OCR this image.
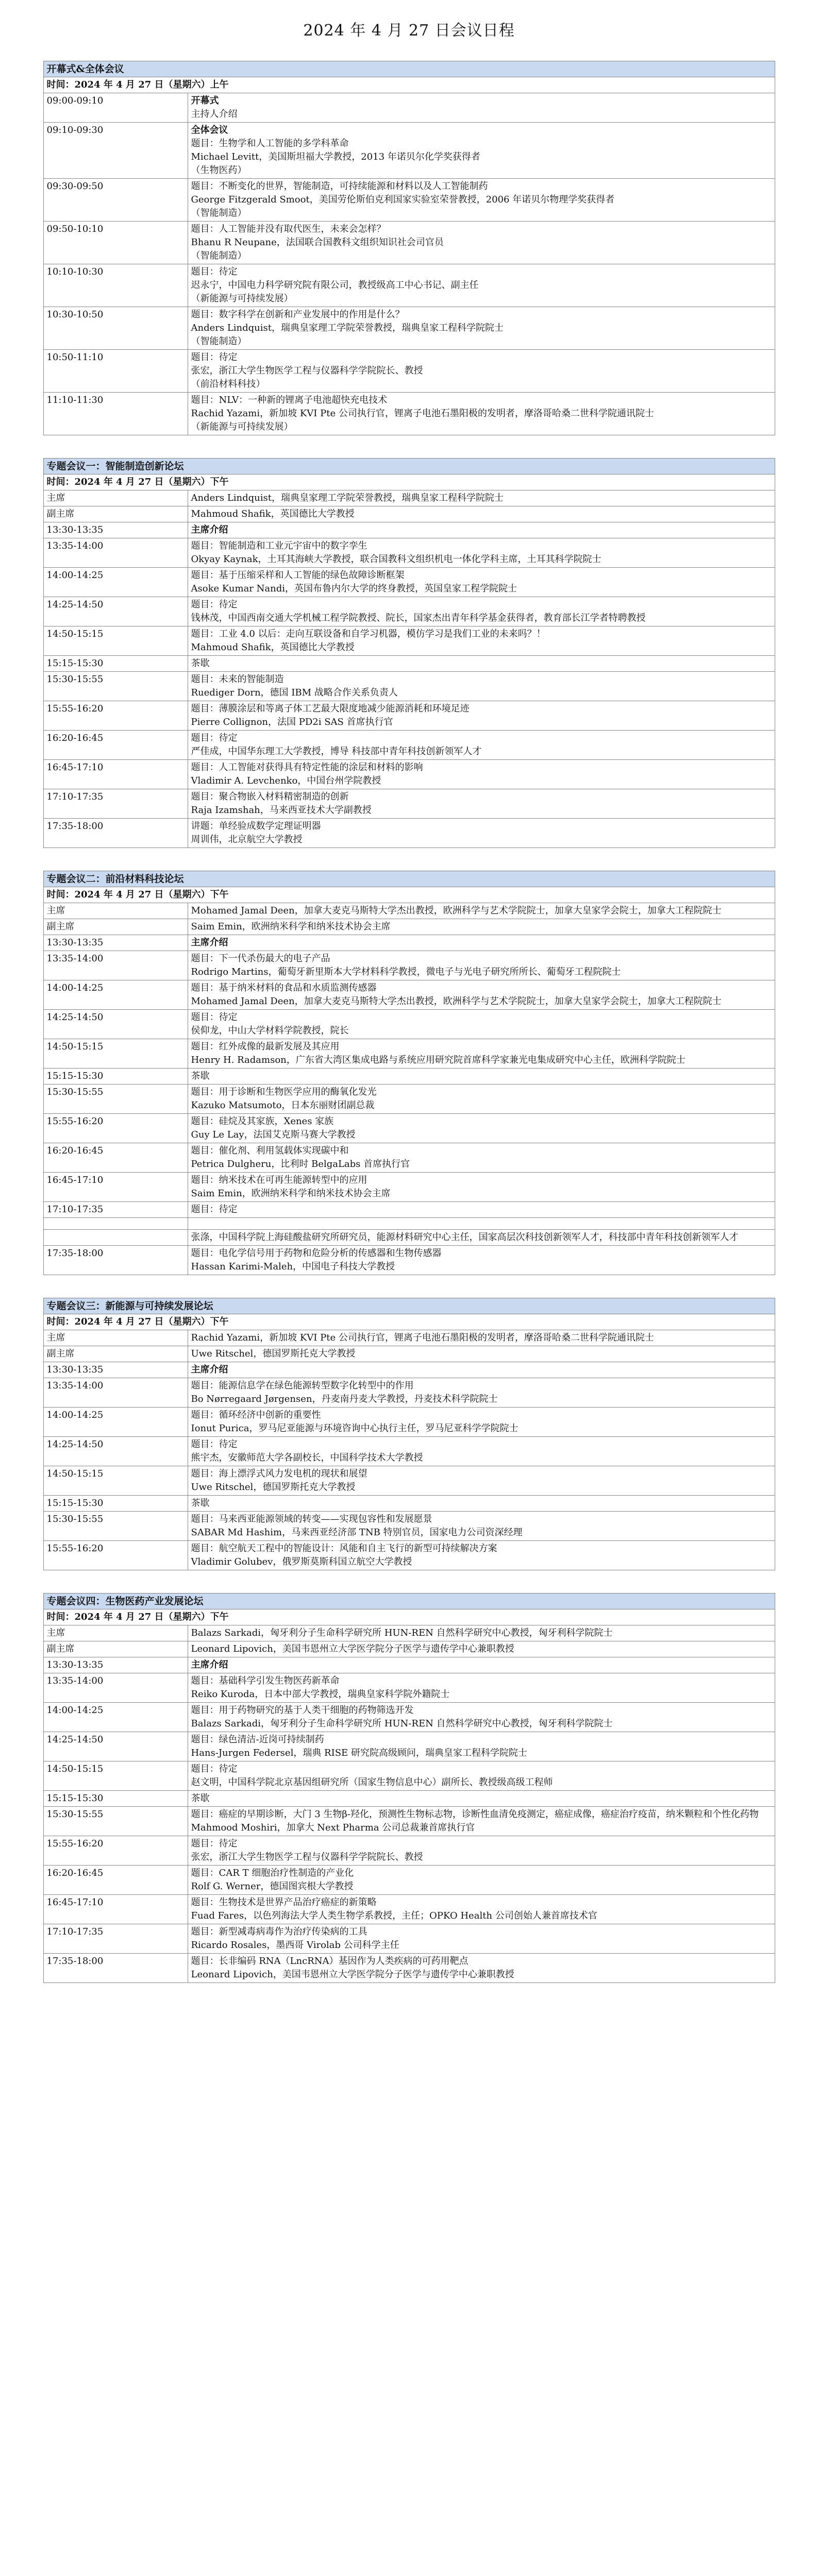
2024 年 4 月 27 日会议日程
开幕式&全体会议	
时间：2024 年 4 月 27 日（星期六）上午	
09:00-09:10	开幕式
主持人介绍

09:10-09:30	全体会议
题目：生物学和人工智能的多学科革命
Michael Levitt，美国斯坦福大学教授，2013 年诺贝尔化学奖获得者
（生物医药）

09:30-09:50	题目：不断变化的世界，智能制造，可持续能源和材料以及人工智能制药
George Fitzgerald Smoot，美国劳伦斯伯克利国家实验室荣誉教授，2006 年诺贝尔物理学奖获得者
（智能制造）

09:50-10:10	题目：人工智能并没有取代医生，未来会怎样？
Bhanu R Neupane，法国联合国教科文组织知识社会司官员
（智能制造）

10:10-10:30	题目：待定
迟永宁，中国电力科学研究院有限公司，教授级高工中心书记、副主任
（新能源与可持续发展）

10:30-10:50	题目：数字科学在创新和产业发展中的作用是什么？
Anders Lindquist，瑞典皇家理工学院荣誉教授，瑞典皇家工程科学院院士
（智能制造）

10:50-11:10	题目：待定
张宏，浙江大学生物医学工程与仪器科学学院院长、教授
（前沿材料科技）

11:10-11:30	题目：NLV：一种新的锂离子电池超快充电技术
Rachid Yazami，新加坡 KVI Pte 公司执行官，锂离子电池石墨阳极的发明者，摩洛哥哈桑二世科学院通讯院士
（新能源与可持续发展）
专题会议一：智能制造创新论坛	
时间：2024 年 4 月 27 日（星期六）下午	
主席	Anders Lindquist，瑞典皇家理工学院荣誉教授，瑞典皇家工程科学院院士

副主席	Mahmoud Shafik，英国德比大学教授

13:30-13:35	主席介绍

13:35-14:00	题目：智能制造和工业元宇宙中的数字孪生
Okyay Kaynak，土耳其海峡大学教授，联合国教科文组织机电一体化学科主席，土耳其科学院院士

14:00-14:25	题目：基于压缩采样和人工智能的绿色故障诊断框架
Asoke Kumar Nandi，英国布鲁内尔大学的终身教授，英国皇家工程学院院士

14:25-14:50	题目：待定
钱林茂，中国西南交通大学机械工程学院教授、院长，国家杰出青年科学基金获得者，教育部长江学者特聘教授

14:50-15:15	题目：工业 4.0 以后：走向互联设备和自学习机器，模仿学习是我们工业的未来吗？！
Mahmoud Shafik，英国德比大学教授

15:15-15:30	茶歇

15:30-15:55	题目：未来的智能制造
Ruediger Dorn，德国 IBM 战略合作关系负责人

15:55-16:20	题目：薄膜涂层和等离子体工艺最大限度地减少能源消耗和环境足迹
Pierre Collignon，法国 PD2i SAS 首席执行官

16:20-16:45	题目：待定
严佳成，中国华东理工大学教授，博导 科技部中青年科技创新领军人才

16:45-17:10	题目：人工智能对获得具有特定性能的涂层和材料的影响
Vladimir A. Levchenko，中国台州学院教授

17:10-17:35	题目：聚合物嵌入材料精密制造的创新
Raja Izamshah，马来西亚技术大学副教授

17:35-18:00	讲题：单经验成数学定理证明器
周训伟，北京航空大学教授
专题会议二：前沿材料科技论坛	
时间：2024 年 4 月 27 日（星期六）下午	
主席	Mohamed Jamal Deen，加拿大麦克马斯特大学杰出教授，欧洲科学与艺术学院院士，加拿大皇家学会院士，加拿大工程院院士

副主席	Saim Emin，欧洲纳米科学和纳米技术协会主席

13:30-13:35	主席介绍

13:35-14:00	题目：下一代杀伤最大的电子产品
Rodrigo Martins，葡萄牙新里斯本大学材料科学教授，微电子与光电子研究所所长、葡萄牙工程院院士

14:00-14:25	题目：基于纳米材料的食品和水质监测传感器
Mohamed Jamal Deen，加拿大麦克马斯特大学杰出教授，欧洲科学与艺术学院院士，加拿大皇家学会院士，加拿大工程院院士

14:25-14:50	题目：待定
侯仰龙，中山大学材料学院教授，院长

14:50-15:15	题目：红外成像的最新发展及其应用
Henry H. Radamson，广东省大湾区集成电路与系统应用研究院首席科学家兼光电集成研究中心主任，欧洲科学院院士

15:15-15:30	茶歇

15:30-15:55	题目：用于诊断和生物医学应用的酶氧化发光
Kazuko Matsumoto，日本东丽财团副总裁

15:55-16:20	题目：硅烷及其家族，Xenes 家族
Guy Le Lay，法国艾克斯马赛大学教授

16:20-16:45	题目：催化剂、利用氢载体实现碳中和
Petrica Dulgheru，比利时 BelgaLabs 首席执行官

16:45-17:10	题目：纳米技术在可再生能源转型中的应用
Saim Emin，欧洲纳米科学和纳米技术协会主席

17:10-17:35	题目：待定

	张涤，中国科学院上海硅酸盐研究所研究员，能源材料研究中心主任，国家高层次科技创新领军人才，科技部中青年科技创新领军人才

17:35-18:00	题目：电化学信号用于药物和危险分析的传感器和生物传感器
Hassan Karimi-Maleh，中国电子科技大学教授
专题会议三：新能源与可持续发展论坛	
时间：2024 年 4 月 27 日（星期六）下午	
主席	Rachid Yazami，新加坡 KVI Pte 公司执行官，锂离子电池石墨阳极的发明者，摩洛哥哈桑二世科学院通讯院士

副主席	Uwe Ritschel，德国罗斯托克大学教授

13:30-13:35	主席介绍

13:35-14:00	题目：能源信息学在绿色能源转型数字化转型中的作用
Bo Nørregaard Jørgensen，丹麦南丹麦大学教授，丹麦技术科学院院士

14:00-14:25	题目：循环经济中创新的重要性
Ionut Purica，罗马尼亚能源与环境咨询中心执行主任，罗马尼亚科学学院院士

14:25-14:50	题目：待定
熊宇杰，安徽师范大学各副校长，中国科学技术大学教授

14:50-15:15	题目：海上漂浮式风力发电机的现状和展望
Uwe Ritschel，德国罗斯托克大学教授

15:15-15:30	茶歇

15:30-15:55	题目：马来西亚能源领域的转变——实现包容性和发展愿景
SABAR Md Hashim，马来西亚经济部 TNB 特别官员，国家电力公司资深经理

15:55-16:20	题目：航空航天工程中的智能设计：风能和自主飞行的新型可持续解决方案
Vladimir Golubev，俄罗斯莫斯科国立航空大学教授
专题会议四：生物医药产业发展论坛	
时间：2024 年 4 月 27 日（星期六）下午	
主席	Balazs Sarkadi，匈牙利分子生命科学研究所 HUN-REN 自然科学研究中心教授，匈牙利科学院院士

副主席	Leonard Lipovich，美国韦恩州立大学医学院分子医学与遗传学中心兼职教授

13:30-13:35	主席介绍

13:35-14:00	题目：基础科学引发生物医药新革命
Reiko Kuroda，日本中部大学教授，瑞典皇家科学院外籍院士

14:00-14:25	题目：用于药物研究的基于人类干细胞的药物筛选开发
Balazs Sarkadi，匈牙利分子生命科学研究所 HUN-REN 自然科学研究中心教授，匈牙利科学院院士

14:25-14:50	题目：绿色清洁-近岗可持续制药
Hans-Jurgen Federsel，瑞典 RISE 研究院高级顾问，瑞典皇家工程科学院院士

14:50-15:15	题目：待定
赵文明，中国科学院北京基因组研究所（国家生物信息中心）副所长、教授级高级工程师

15:15-15:30	茶歇

15:30-15:55	题目：癌症的早期诊断，大门 3 生物β-羟化，预测性生物标志物，诊断性血清免疫测定，癌症成像，癌症治疗疫苗，纳米颗粒和个性化药物
Mahmood Moshiri，加拿大 Next Pharma 公司总裁兼首席执行官

15:55-16:20	题目：待定
张宏，浙江大学生物医学工程与仪器科学学院院长、教授

16:20-16:45	题目：CAR T 细胞治疗性制造的产业化
Rolf G. Werner，德国图宾根大学教授

16:45-17:10	题目：生物技术是世界产品治疗癌症的新策略
Fuad Fares，以色列海法大学人类生物学系教授，主任；OPKO Health 公司创始人兼首席技术官

17:10-17:35	题目：新型减毒病毒作为治疗传染病的工具
Ricardo Rosales，墨西哥 Virolab 公司科学主任

17:35-18:00	题目：长非编码 RNA（LncRNA）基因作为人类疾病的可药用靶点
Leonard Lipovich，美国韦恩州立大学医学院分子医学与遗传学中心兼职教授
